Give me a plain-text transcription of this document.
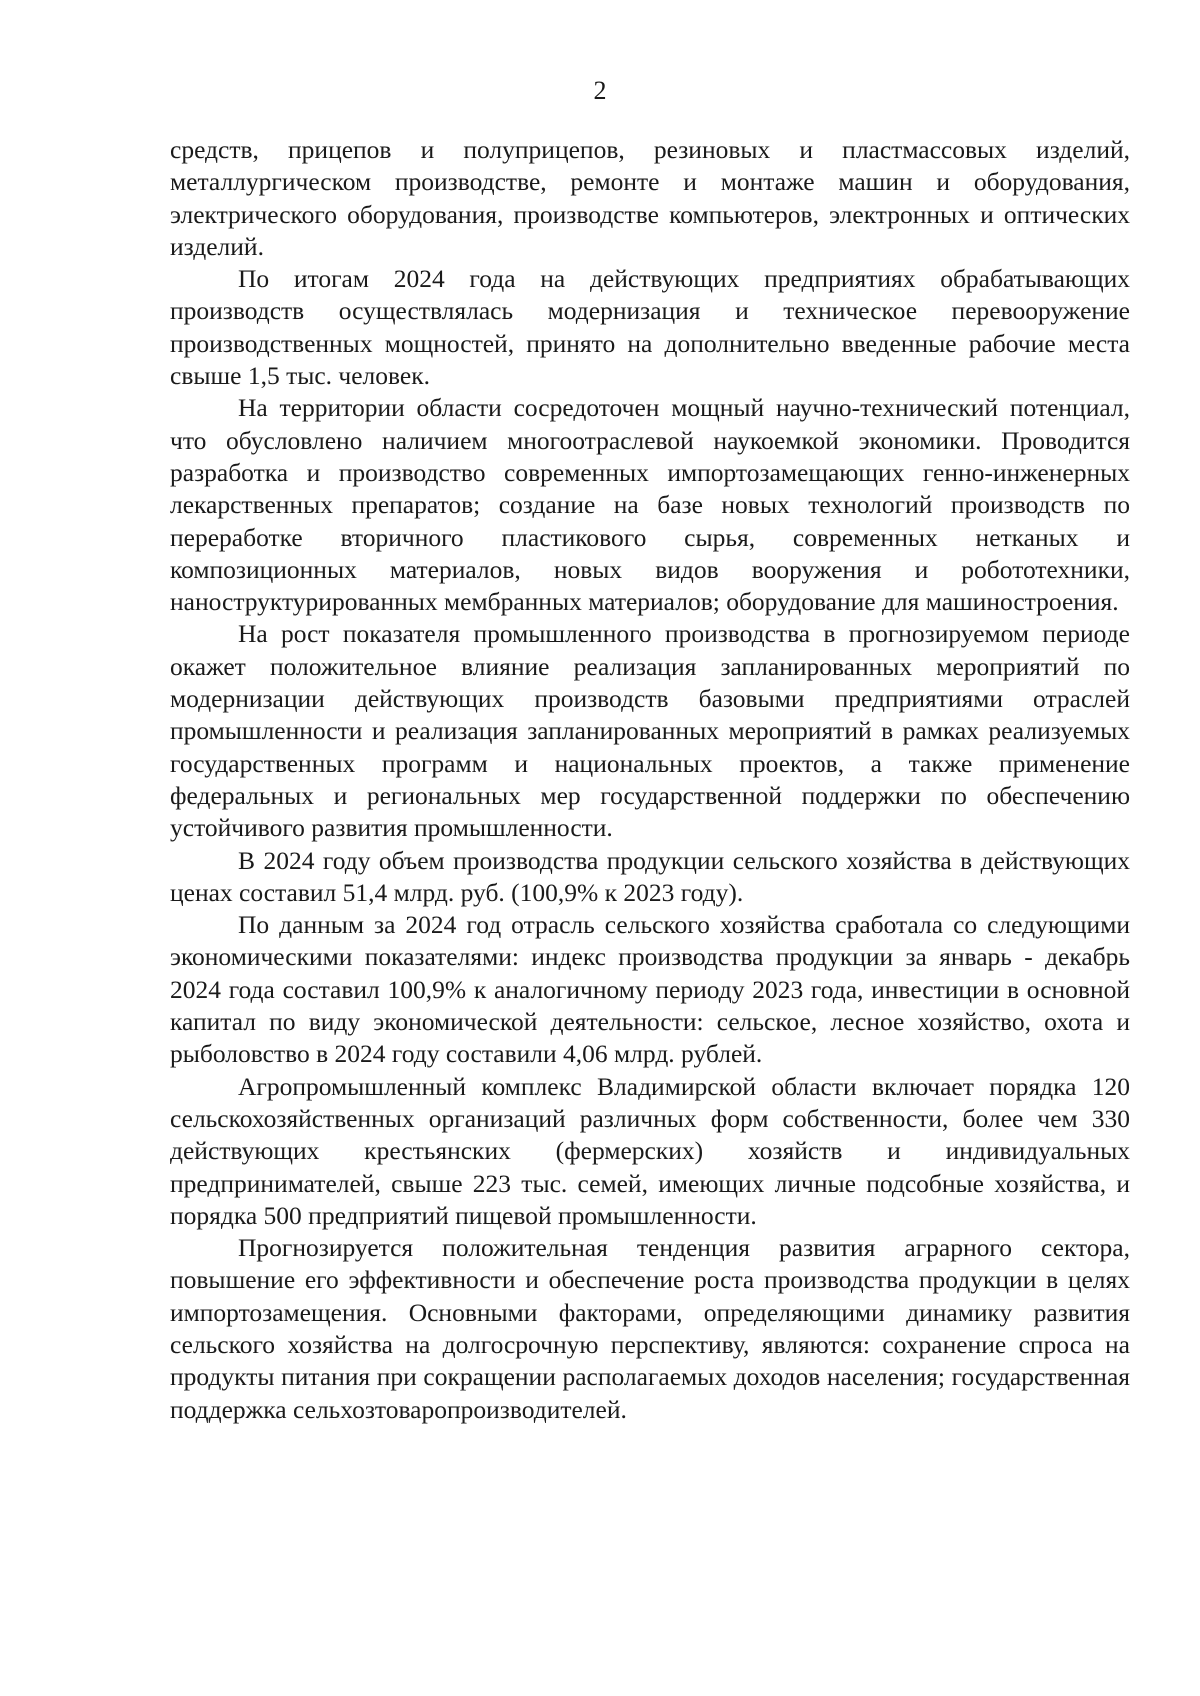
2

средств, прицепов и полуприцепов, резиновых и пластмассовых изделий, металлургическом производстве, ремонте и монтаже машин и оборудования, электрического оборудования, производстве компьютеров, электронных и оптических изделий.

По итогам 2024 года на действующих предприятиях обрабатывающих производств осуществлялась модернизация и техническое перевооружение производственных мощностей, принято на дополнительно введенные рабочие места свыше 1,5 тыс. человек.

На территории области сосредоточен мощный научно-технический потенциал, что обусловлено наличием многоотраслевой наукоемкой экономики. Проводится разработка и производство современных импортозамещающих генно-инженерных лекарственных препаратов; создание на базе новых технологий производств по переработке вторичного пластикового сырья, современных нетканых и композиционных материалов, новых видов вооружения и робототехники, наноструктурированных мембранных материалов; оборудование для машиностроения.

На рост показателя промышленного производства в прогнозируемом периоде окажет положительное влияние реализация запланированных мероприятий по модернизации действующих производств базовыми предприятиями отраслей промышленности и реализация запланированных мероприятий в рамках реализуемых государственных программ и национальных проектов, а также применение федеральных и региональных мер государственной поддержки по обеспечению устойчивого развития промышленности.

В 2024 году объем производства продукции сельского хозяйства в действующих ценах составил 51,4 млрд. руб. (100,9% к 2023 году).

По данным за 2024 год отрасль сельского хозяйства сработала со следующими экономическими показателями: индекс производства продукции за январь - декабрь 2024 года составил 100,9% к аналогичному периоду 2023 года, инвестиции в основной капитал по виду экономической деятельности: сельское, лесное хозяйство, охота и рыболовство в 2024 году составили 4,06 млрд. рублей.

Агропромышленный комплекс Владимирской области включает порядка 120 сельскохозяйственных организаций различных форм собственности, более чем 330 действующих крестьянских (фермерских) хозяйств и индивидуальных предпринимателей, свыше 223 тыс. семей, имеющих личные подсобные хозяйства, и порядка 500 предприятий пищевой промышленности.

Прогнозируется положительная тенденция развития аграрного сектора, повышение его эффективности и обеспечение роста производства продукции в целях импортозамещения. Основными факторами, определяющими динамику развития сельского хозяйства на долгосрочную перспективу, являются: сохранение спроса на продукты питания при сокращении располагаемых доходов населения; государственная поддержка сельхозтоваропроизводителей.
